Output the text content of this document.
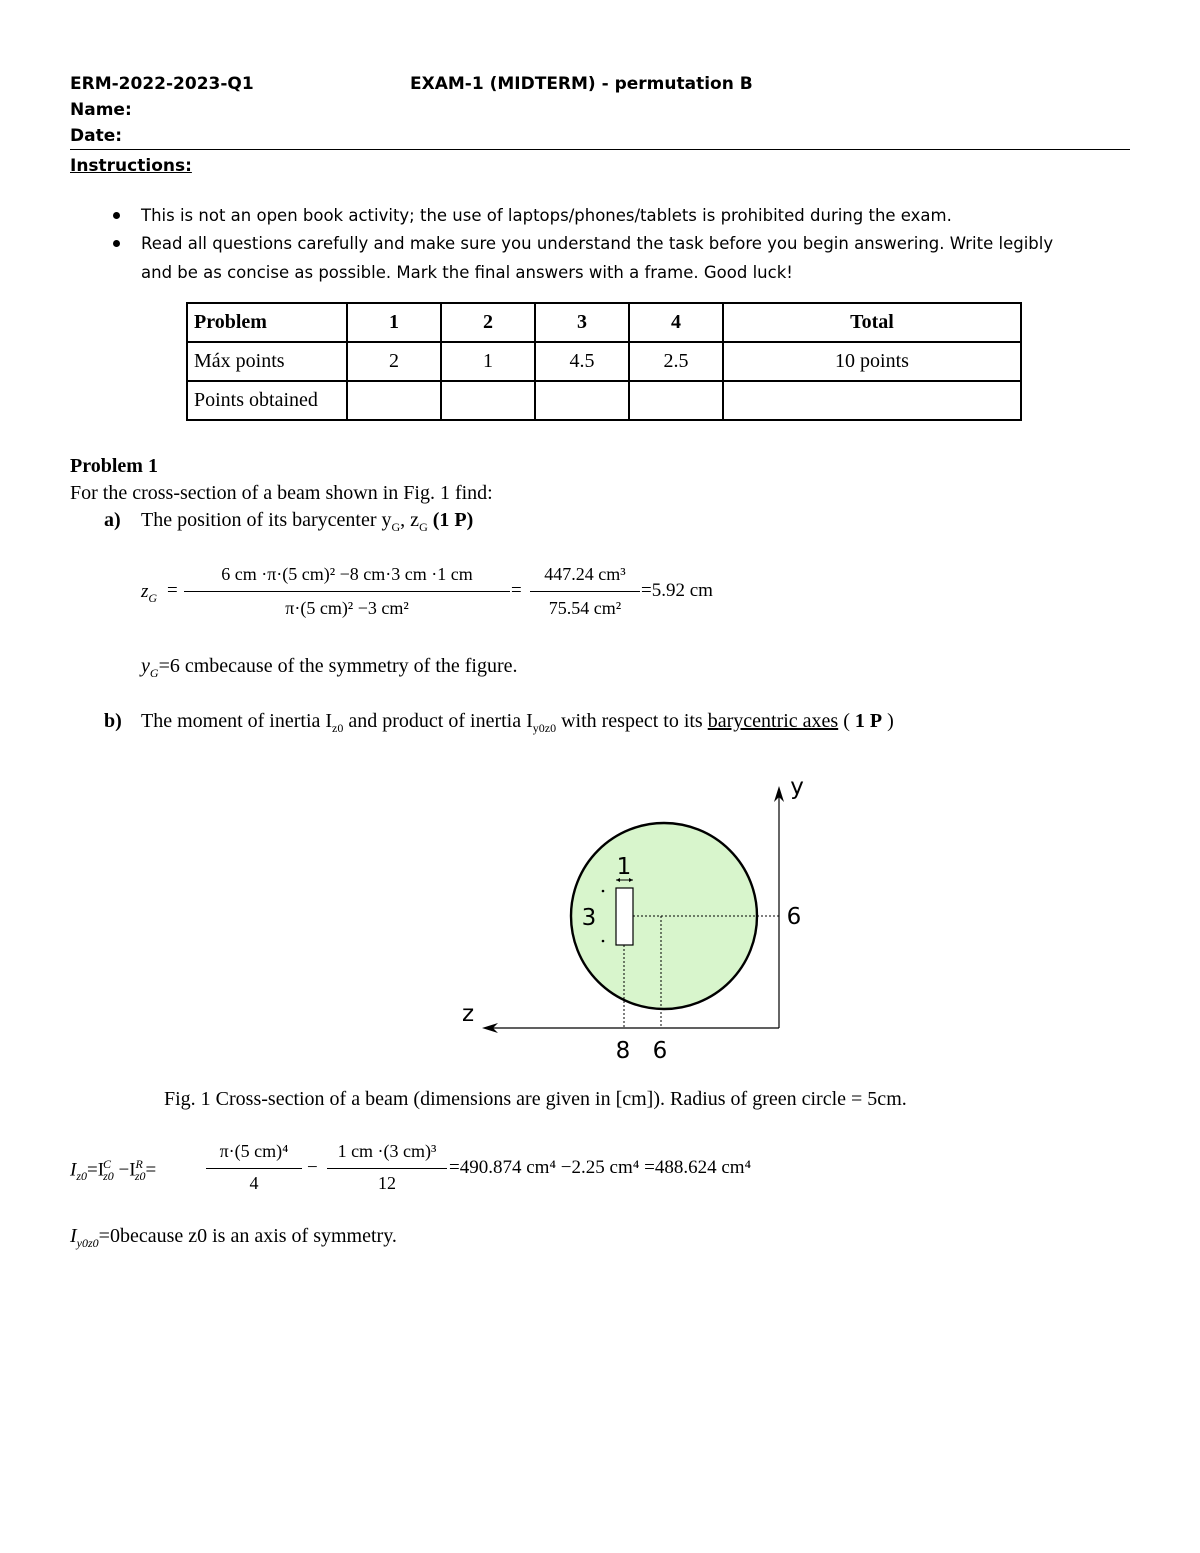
ERM-2022-2023-Q1	EXAM-1 (MIDTERM) - permutation B
Name:
Date:
Instructions:
This is not an open book activity; the use of laptops/phones/tablets is prohibited during the exam.
Read all questions carefully and make sure you understand the task before you begin answering. Write legibly
and be as concise as possible. Mark the final answers with a frame. Good luck!
Problem	1	2	3	4	Total
Máx points	2	1	4.5	2.5	10 points
Points obtained					
Problem 1
For the cross-section of a beam shown in Fig. 1 find:
a) The position of its barycenter $y_G$, $z_G$ (1 P)
$z_G$ =
6 cm ·π·(5 cm)² −8 cm·3 cm ·1 cm
π·(5 cm)² −3 cm²
=
447.24 cm³
75.54 cm²
=5.92 cm
$y_G=6$ cmbecause of the symmetry of the figure.
b) The moment of inertia $I_{z0}$ and product of inertia $I_{y0z0}$ with respect to its barycentric axes ( 1 P )
1
3	6
y
z
8 6
Fig. 1 Cross-section of a beam (dimensions are given in [cm]). Radius of green circle = 5cm.
$I_{z0}=I^C_{z0} -I^R_{z0}=$
π·(5 cm)⁴
4
−
1 cm ·(3 cm)³
12
=490.874 cm⁴ −2.25 cm⁴ =488.624 cm⁴
$I_{y0z0}=0because$ z0 is an axis of symmetry.
